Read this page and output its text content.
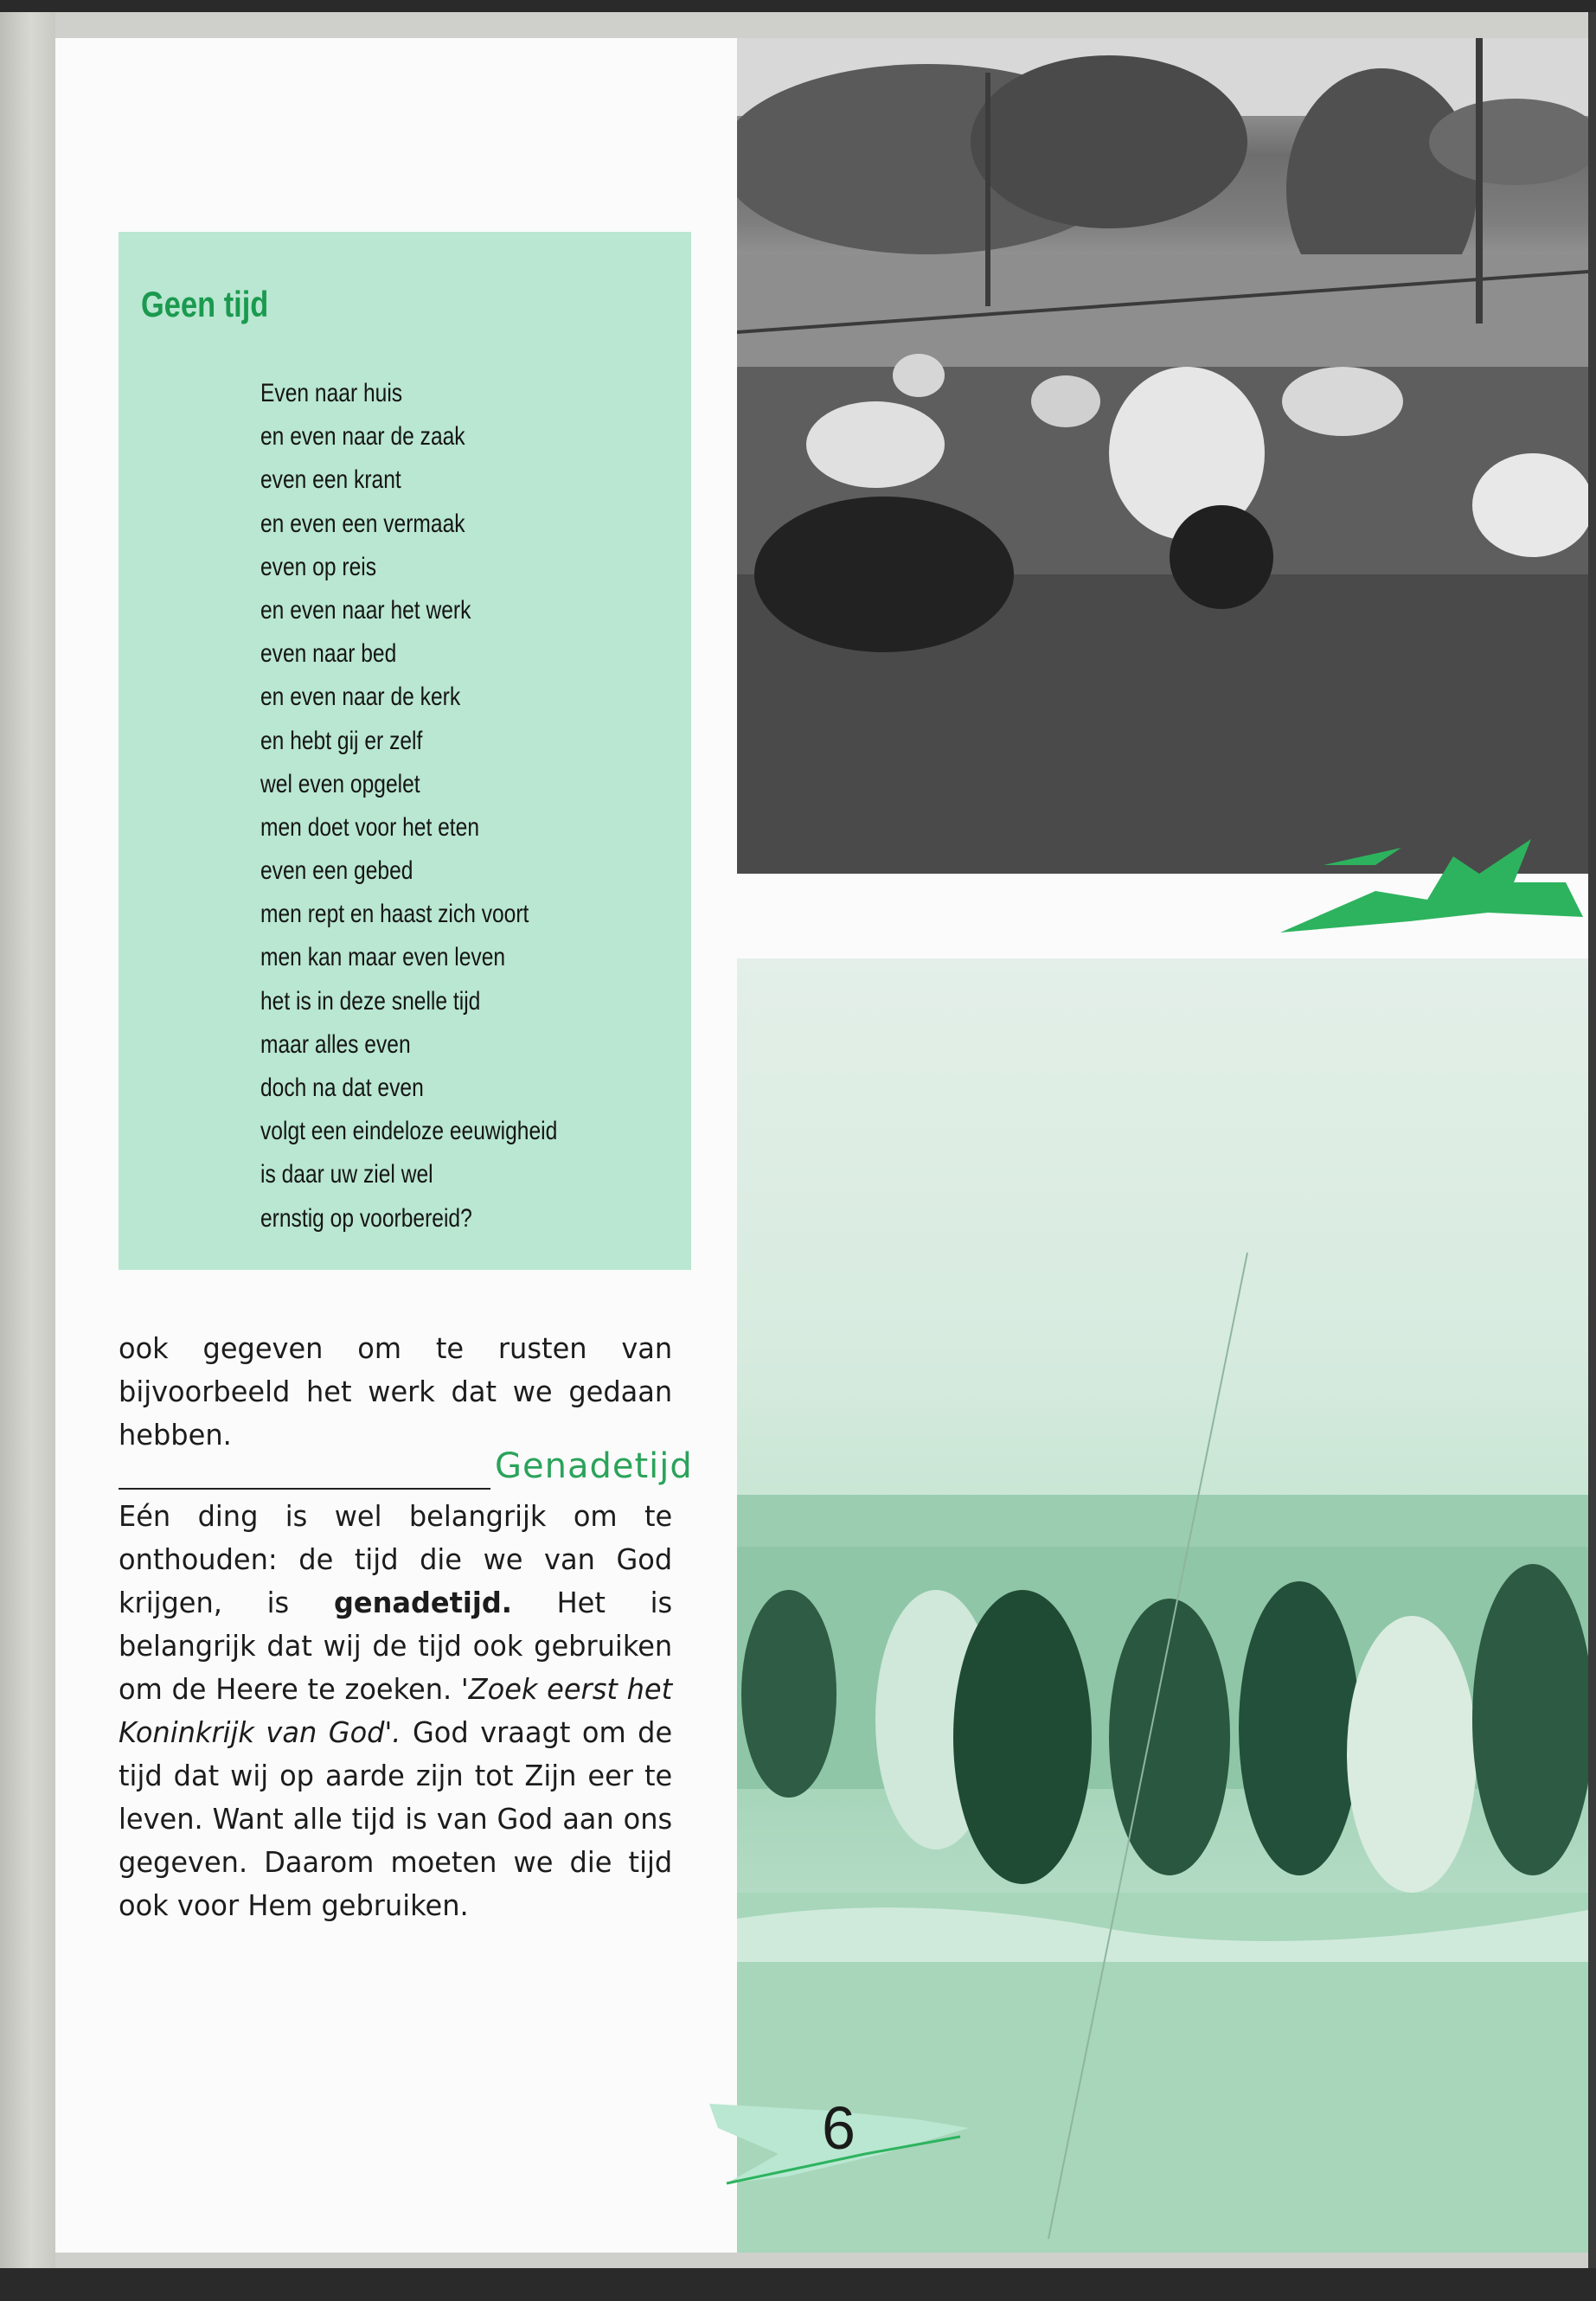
Geen tijd
Even naar huis
en even naar de zaak
even een krant
en even een vermaak
even op reis
en even naar het werk
even naar bed
en even naar de kerk
en hebt gij er zelf
wel even opgelet
men doet voor het eten
even een gebed
men rept en haast zich voort
men kan maar even leven
het is in deze snelle tijd
maar alles even
doch na dat even
volgt een eindeloze eeuwigheid
is daar uw ziel wel
ernstig op voorbereid?
ook gegeven om te rusten van bijvoorbeeld het werk dat we gedaan hebben.
Genadetijd
Eén ding is wel belangrijk om te onthouden: de tijd die we van God krijgen, is genadetijd. Het is belangrijk dat wij de tijd ook gebruiken om de Heere te zoeken. 'Zoek eerst het Koninkrijk van God'. God vraagt om de tijd dat wij op aarde zijn tot Zijn eer te leven. Want alle tijd is van God aan ons gegeven. Daarom moeten we die tijd ook voor Hem gebruiken.
6
